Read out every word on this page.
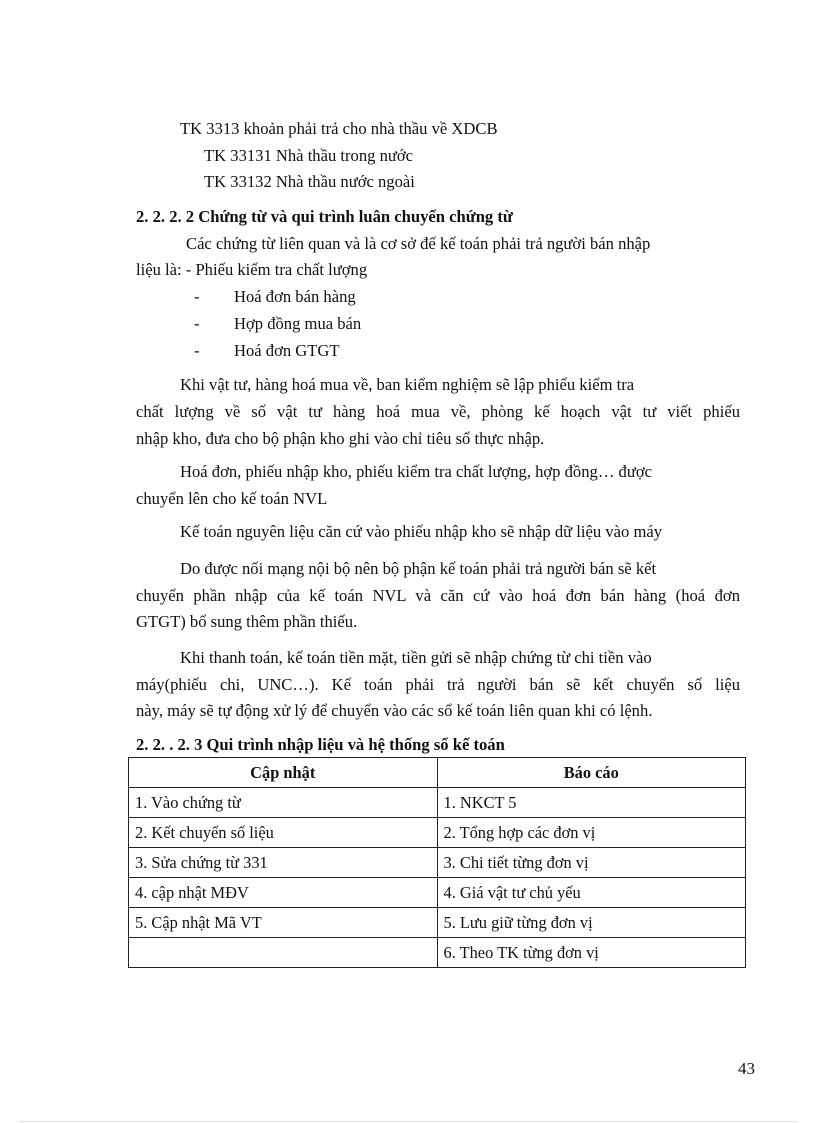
TK 3313 khoản phải trả cho nhà thầu về XDCB
TK 33131 Nhà thầu trong nước
TK 33132 Nhà thầu nước ngoài
2. 2. 2. 2 Chứng từ và qui trình luân chuyển chứng từ
Các chứng từ liên quan và là cơ sở để kế toán phải trả người bán nhập
liệu là: - Phiếu kiểm tra chất lượng
- Hoá đơn bán hàng
- Hợp đồng mua bán
- Hoá đơn GTGT
Khi vật tư, hàng hoá mua về, ban kiểm nghiệm sẽ lập phiếu kiểm tra
chất lượng về số vật tư hàng hoá mua về, phòng kế hoạch vật tư viết phiếu
nhập kho, đưa cho bộ phận kho ghi vào chỉ tiêu số thực nhập.
Hoá đơn, phiếu nhập kho, phiếu kiểm tra chất lượng, hợp đồng… được
chuyển lên cho kế toán NVL
Kế toán nguyên liệu căn cứ vào phiếu nhập kho sẽ nhập dữ liệu vào máy
Do được nối mạng nội bộ nên bộ phận kế toán phải trả người bán sẽ kết
chuyển phần nhập của kế toán NVL và căn cứ vào hoá đơn bán hàng (hoá đơn
GTGT) bổ sung thêm phần thiếu.
Khi thanh toán, kế toán tiền mặt, tiền gửi sẽ nhập chứng từ chi tiền vào
máy(phiếu chi, UNC…). Kế toán phải trả người bán sẽ kết chuyển số liệu
này, máy sẽ tự động xử lý để chuyển vào các sổ kế toán liên quan khi có lệnh.
2. 2. . 2. 3 Qui trình nhập liệu và hệ thống sổ kế toán
Cập nhật	Báo cáo
1. Vào chứng từ	1. NKCT 5
2. Kết chuyển số liệu	2. Tổng hợp các đơn vị
3. Sửa chứng từ 331	3. Chi tiết từng đơn vị
4. cập nhật MĐV	4. Giá vật tư chủ yếu
5. Cập nhật Mã VT	5. Lưu giữ từng đơn vị
	6. Theo TK từng đơn vị
43
